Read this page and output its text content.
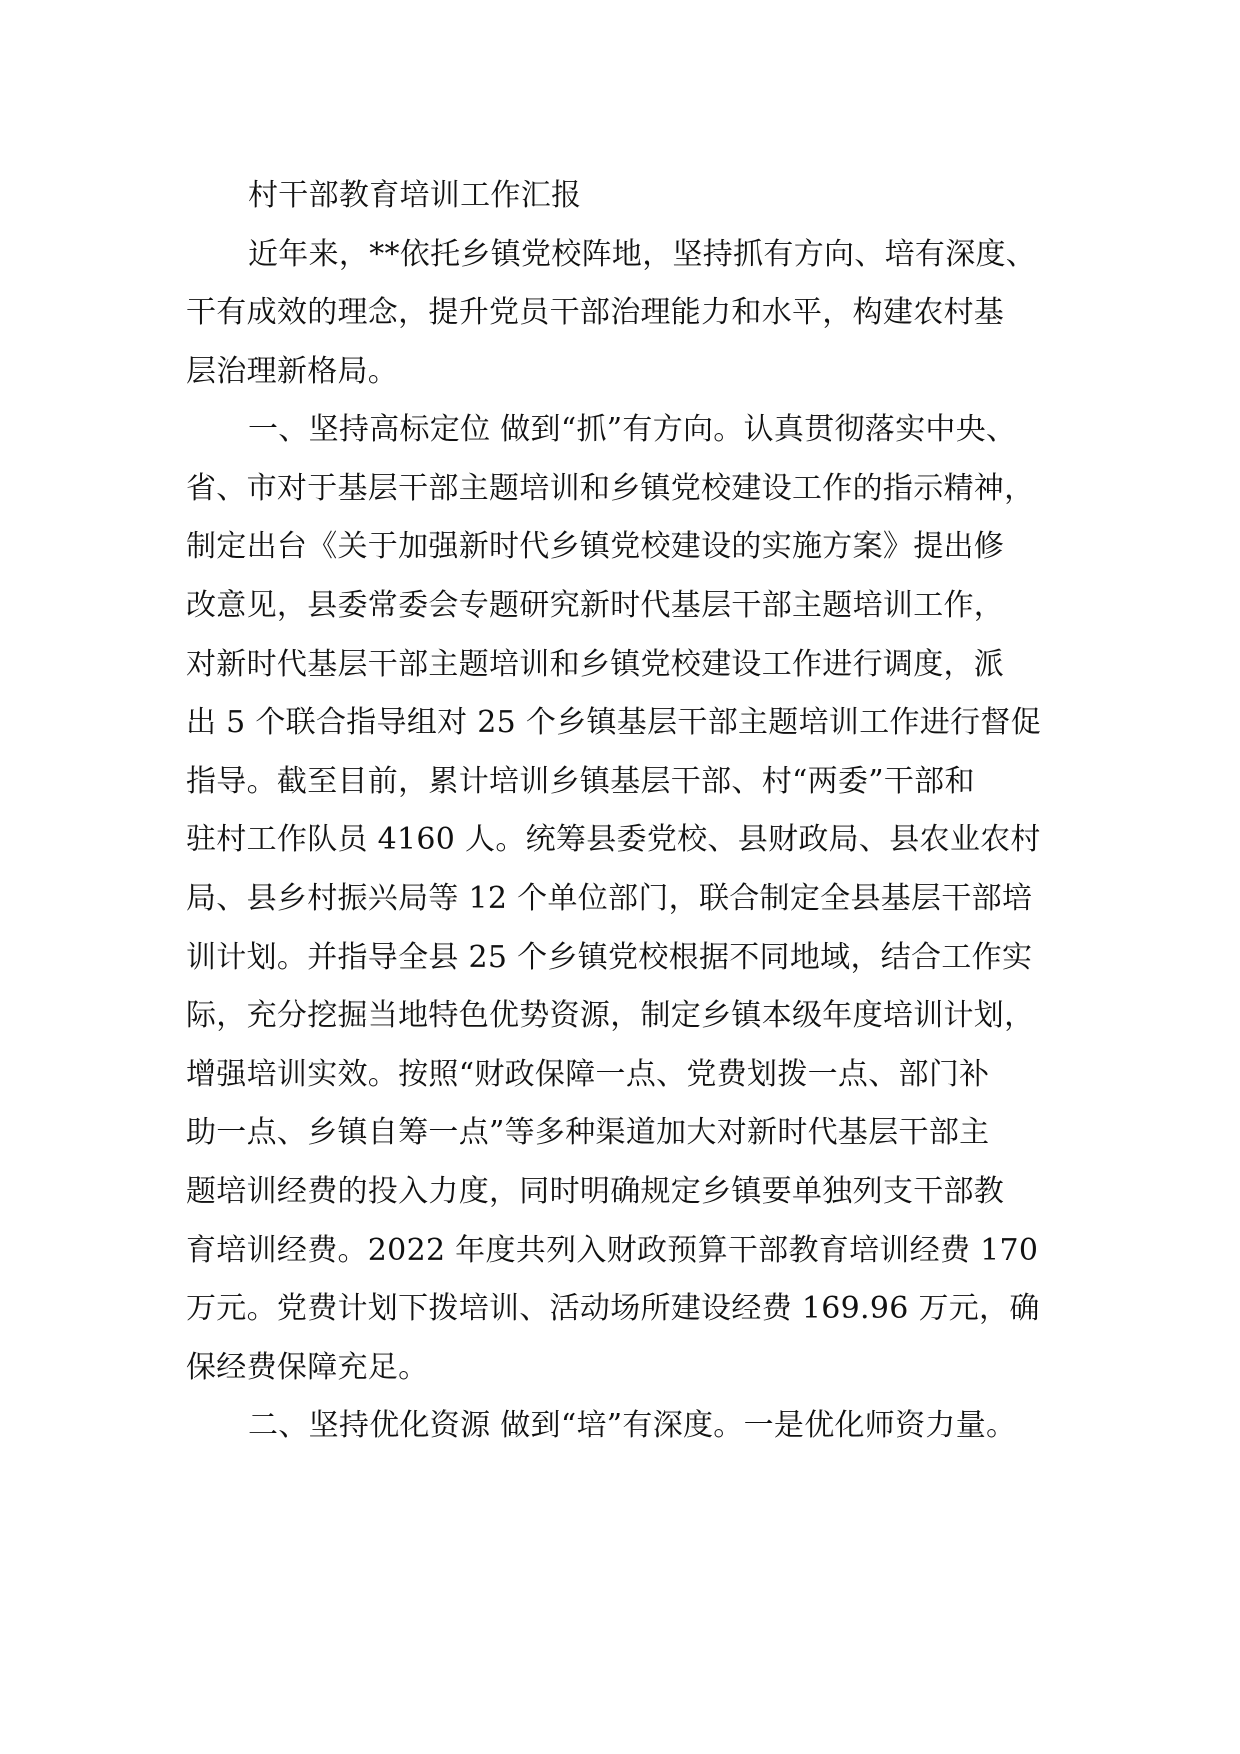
村干部教育培训工作汇报
近年来，**依托乡镇党校阵地，坚持抓有方向、培有深度、
干有成效的理念，提升党员干部治理能力和水平，构建农村基
层治理新格局。
一、坚持高标定位 做到“抓”有方向。认真贯彻落实中央、
省、市对于基层干部主题培训和乡镇党校建设工作的指示精神，
制定出台《关于加强新时代乡镇党校建设的实施方案》提出修
改意见，县委常委会专题研究新时代基层干部主题培训工作，
对新时代基层干部主题培训和乡镇党校建设工作进行调度，派
出 5 个联合指导组对 25 个乡镇基层干部主题培训工作进行督促
指导。截至目前，累计培训乡镇基层干部、村“两委”干部和
驻村工作队员 4160 人。统筹县委党校、县财政局、县农业农村
局、县乡村振兴局等 12 个单位部门，联合制定全县基层干部培
训计划。并指导全县 25 个乡镇党校根据不同地域，结合工作实
际，充分挖掘当地特色优势资源，制定乡镇本级年度培训计划，
增强培训实效。按照“财政保障一点、党费划拨一点、部门补
助一点、乡镇自筹一点”等多种渠道加大对新时代基层干部主
题培训经费的投入力度，同时明确规定乡镇要单独列支干部教
育培训经费。2022 年度共列入财政预算干部教育培训经费 170
万元。党费计划下拨培训、活动场所建设经费 169.96 万元，确
保经费保障充足。
二、坚持优化资源 做到“培”有深度。一是优化师资力量。
